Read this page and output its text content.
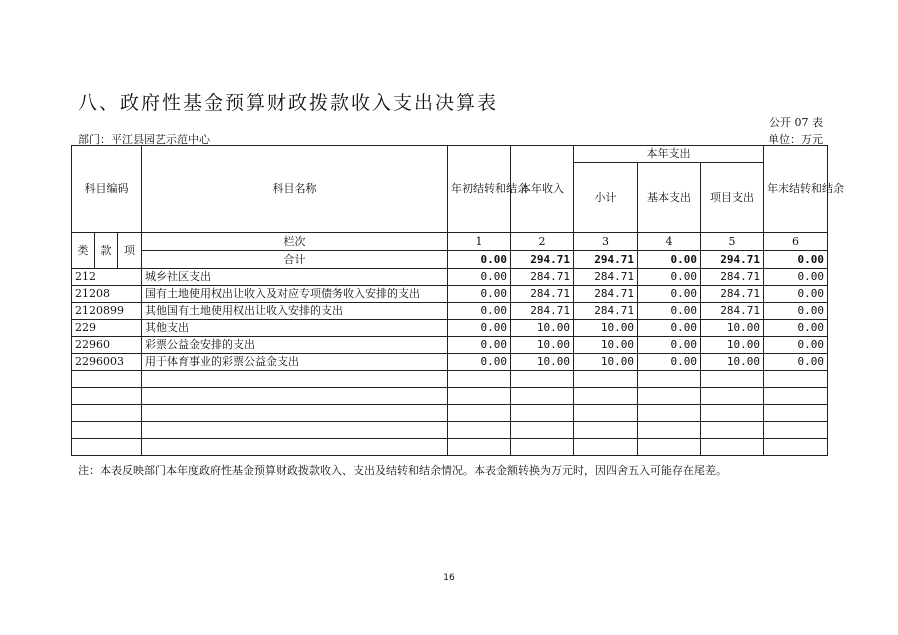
八、政府性基金预算财政拨款收入支出决算表
公开 07 表
部门：平江县园艺示范中心	单位：万元
科目编码			科目名称	年初结转和结余	本年收入	本年支出			年末结转和结余
						小计	基本支出	项目支出	
类	款	项	栏次	1	2	3	4	5	6
			合计	0.00	294.71	294.71	0.00	294.71	0.00
212			城乡社区支出	0.00	284.71	284.71	0.00	284.71	0.00
21208			国有土地使用权出让收入及对应专项债务收入安排的支出	0.00	284.71	284.71	0.00	284.71	0.00
2120899			其他国有土地使用权出让收入安排的支出	0.00	284.71	284.71	0.00	284.71	0.00
229			其他支出	0.00	10.00	10.00	0.00	10.00	0.00
22960			彩票公益金安排的支出	0.00	10.00	10.00	0.00	10.00	0.00
2296003			用于体育事业的彩票公益金支出	0.00	10.00	10.00	0.00	10.00	0.00

注：本表反映部门本年度政府性基金预算财政拨款收入、支出及结转和结余情况。本表金额转换为万元时，因四舍五入可能存在尾差。
16
